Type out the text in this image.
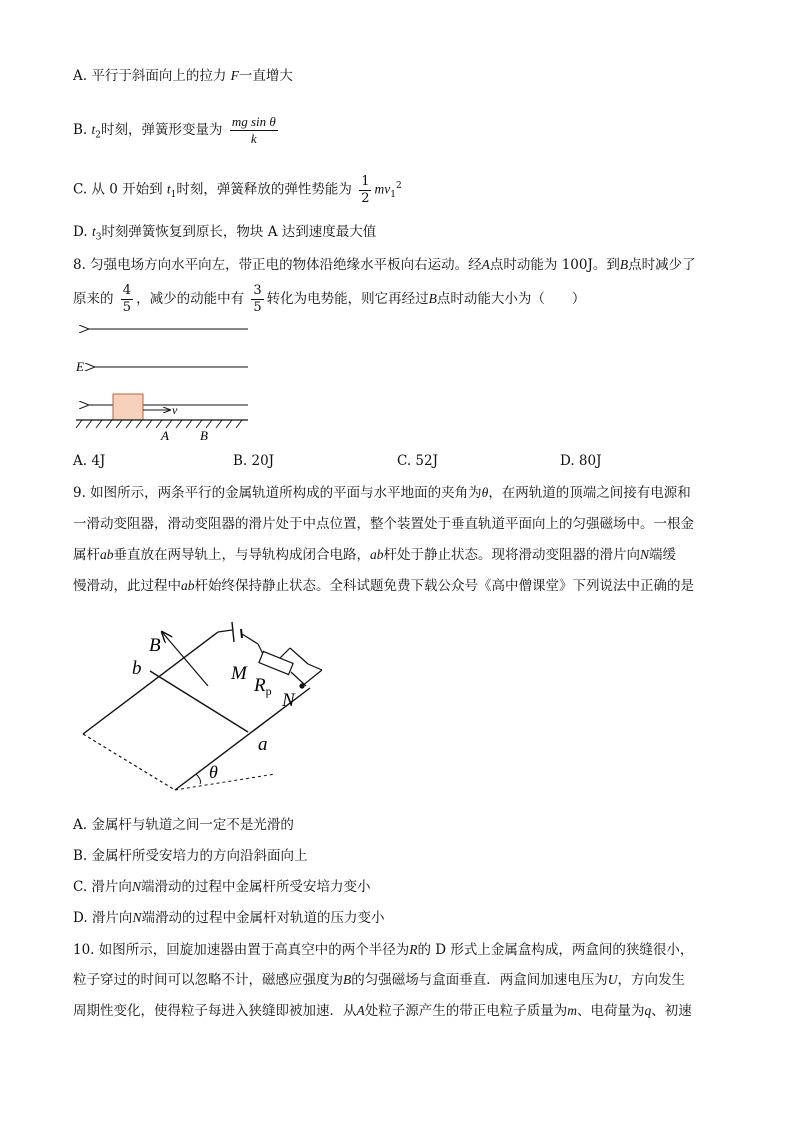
A. 平行于斜面向上的拉力 F一直增大
B. $t_2$时刻，弹簧形变量为 $\frac{\text{mg sin θ}}{k}$
C. 从 0 开始到 $t_1$时刻，弹簧释放的弹性势能为 $\frac{1}{2} mv_1^2$
D. $t_3$时刻弹簧恢复到原长，物块 A 达到速度最大值
8. 匀强电场方向水平向左，带正电的物体沿绝缘水平板向右运动。经A点时动能为 100J。到B点时减少了
原来的 $\frac{4}{5}$ ，减少的动能中有 $\frac{3}{5}$ 转化为电势能，则它再经过B点时动能大小为（　　）
E
v
A B
A. 4J	B. 20J	C. 52J	D. 80J
9. 如图所示，两条平行的金属轨道所构成的平面与水平地面的夹角为θ，在两轨道的顶端之间接有电源和
一滑动变阻器，滑动变阻器的滑片处于中点位置，整个装置处于垂直轨道平面向上的匀强磁场中。一根金
属杆ab垂直放在两导轨上，与导轨构成闭合电路，ab杆处于静止状态。现将滑动变阻器的滑片向N端缓
慢滑动，此过程中ab杆始终保持静止状态。全科试题免费下载公众号《高中僧课堂》下列说法中正确的是
θ
b
a
B
M
$R_p$ N
A. 金属杆与轨道之间一定不是光滑的
B. 金属杆所受安培力的方向沿斜面向上
C. 滑片向N端滑动的过程中金属杆所受安培力变小
D. 滑片向N端滑动的过程中金属杆对轨道的压力变小
10. 如图所示，回旋加速器由置于高真空中的两个半径为R的 D 形式上金属盒构成，两盒间的狭缝很小，
粒子穿过的时间可以忽略不计，磁感应强度为B的匀强磁场与盒面垂直．两盒间加速电压为U，方向发生
周期性变化，使得粒子每进入狭缝即被加速．从A处粒子源产生的带正电粒子质量为m、电荷量为q、初速
